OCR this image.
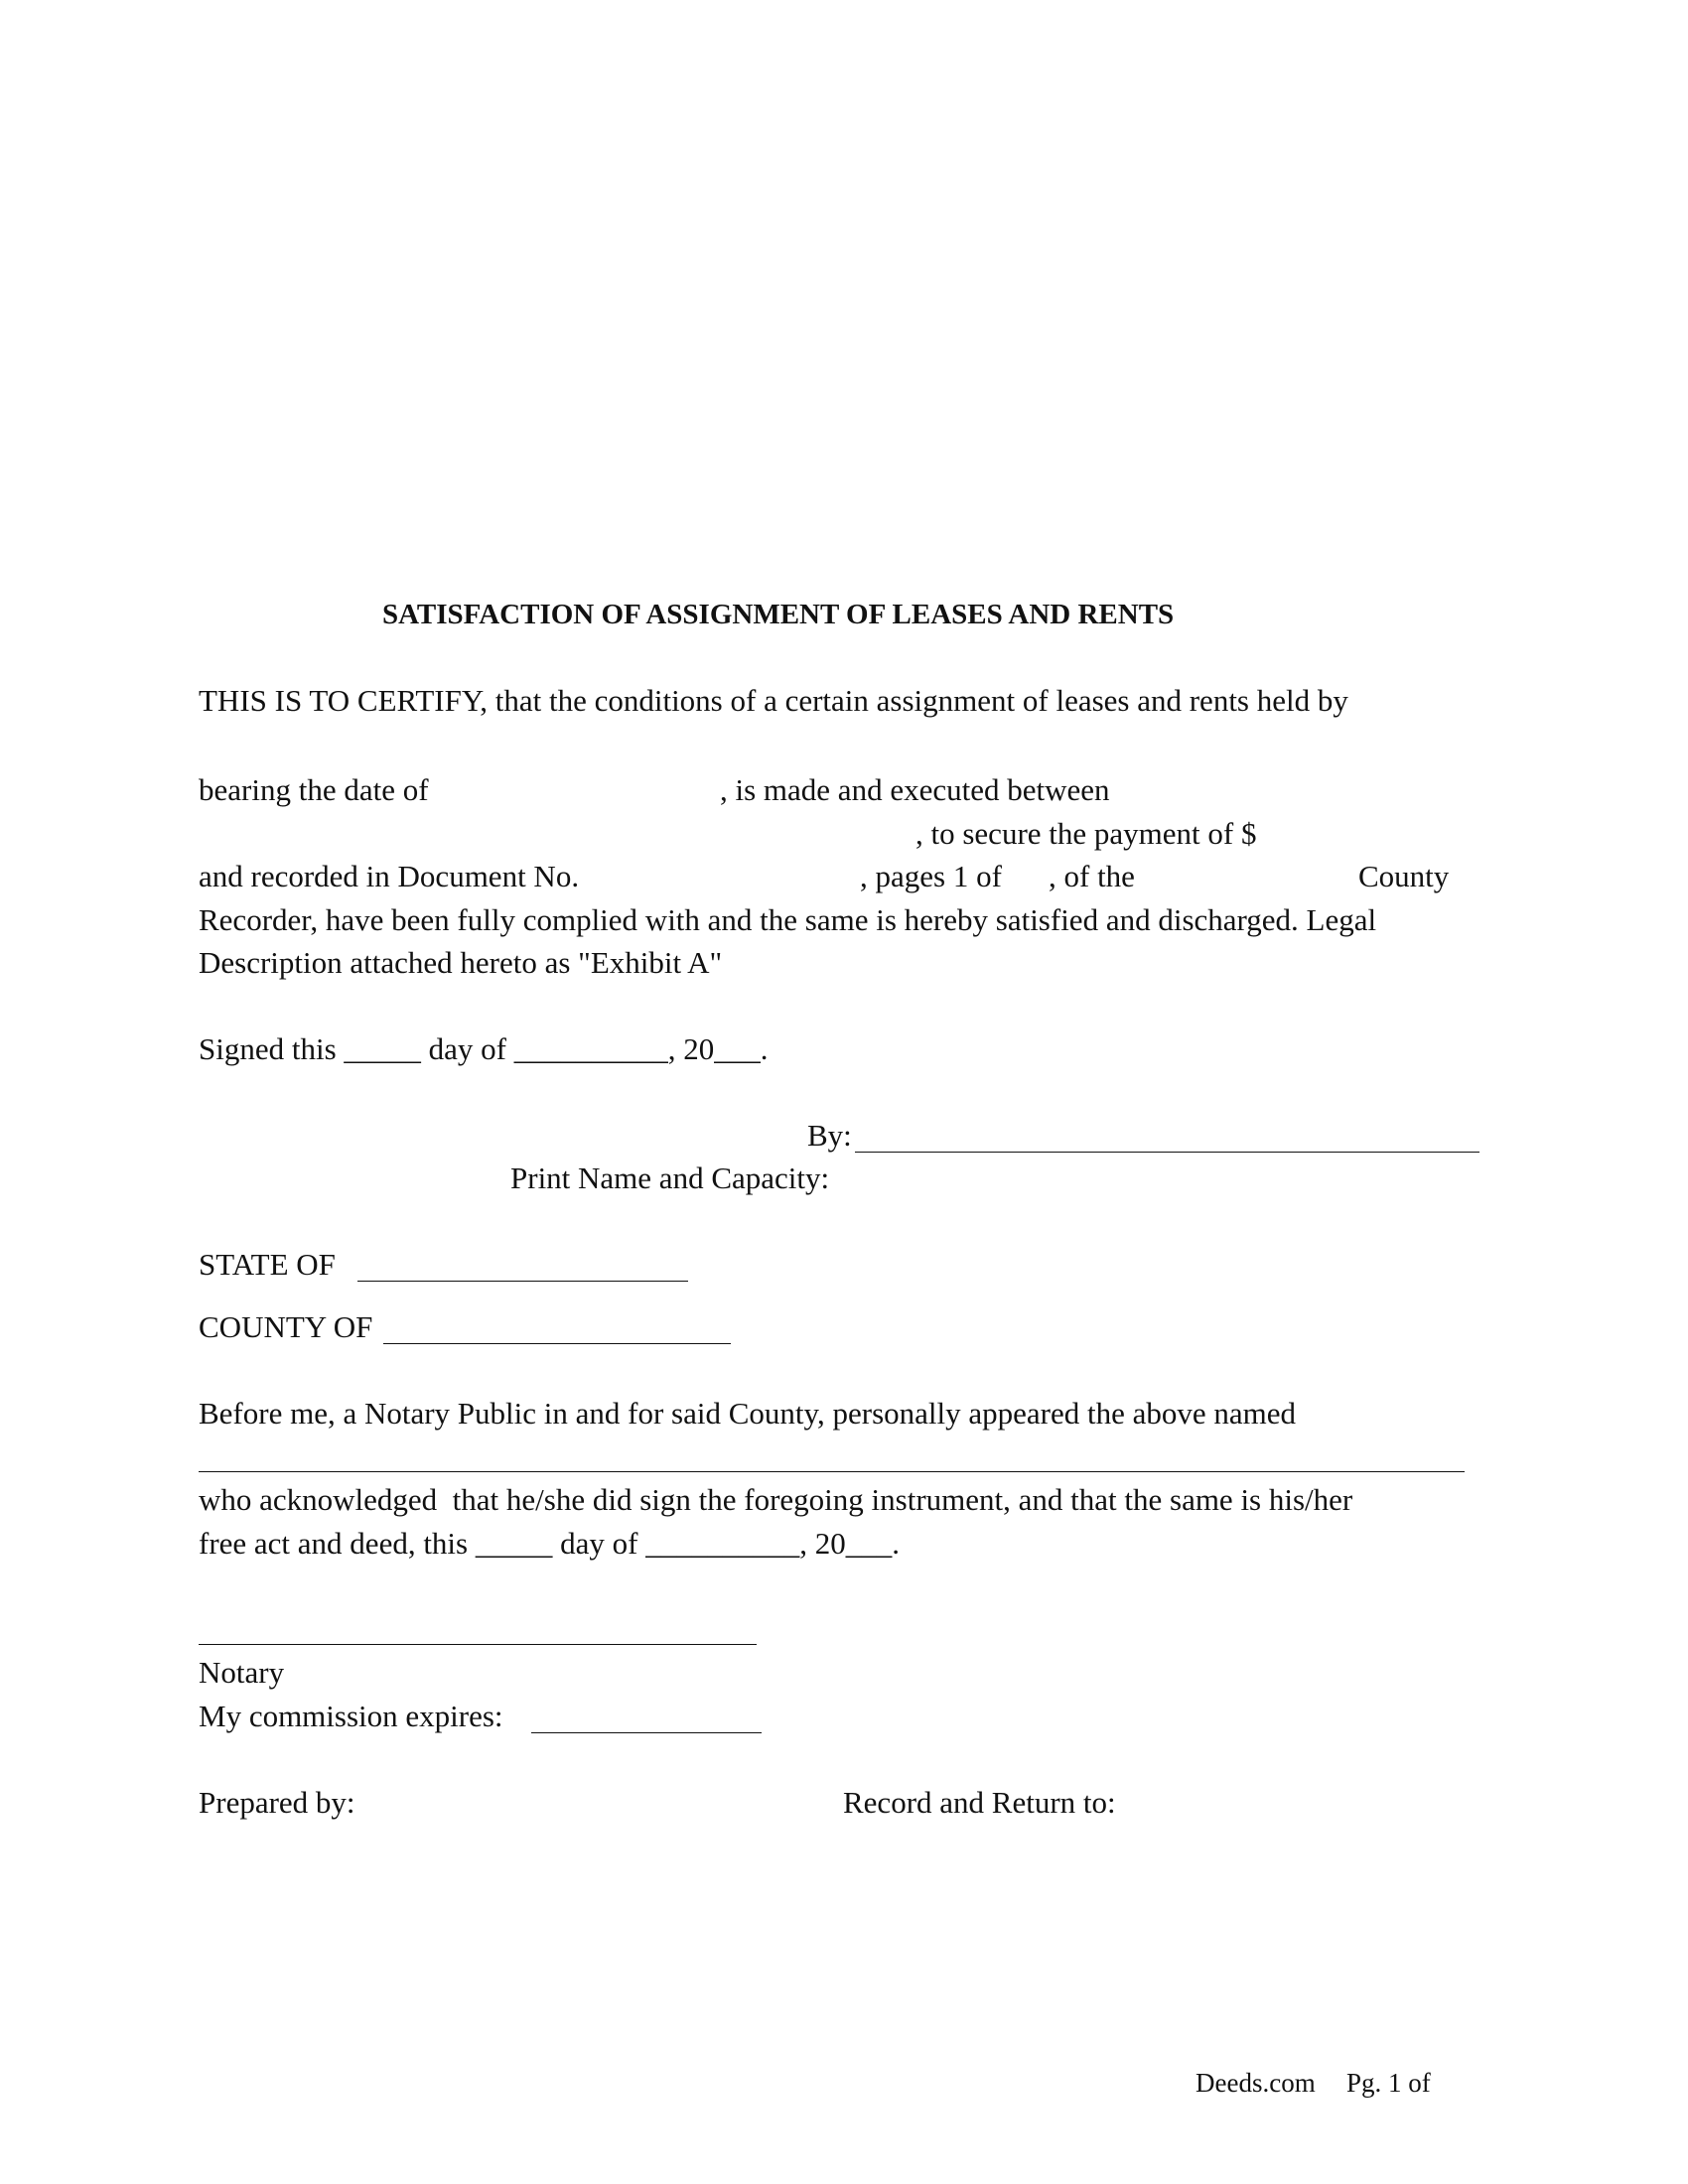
SATISFACTION OF ASSIGNMENT OF LEASES AND RENTS
THIS IS TO CERTIFY, that the conditions of a certain assignment of leases and rents held by
bearing the date of	, is made and executed between
, to secure the payment of $
and recorded in Document No.	, pages 1 of , of the	County
Recorder, have been fully complied with and the same is hereby satisfied and discharged. Legal
Description attached hereto as "Exhibit A"
Signed this _____ day of __________, 20___.
By:
Print Name and Capacity:
STATE OF
COUNTY OF
Before me, a Notary Public in and for said County, personally appeared the above named
who acknowledged  that he/she did sign the foregoing instrument, and that the same is his/her
free act and deed, this _____ day of __________, 20___.
Notary
My commission expires:
Prepared by:	Record and Return to:
Deeds.com Pg. 1 of
